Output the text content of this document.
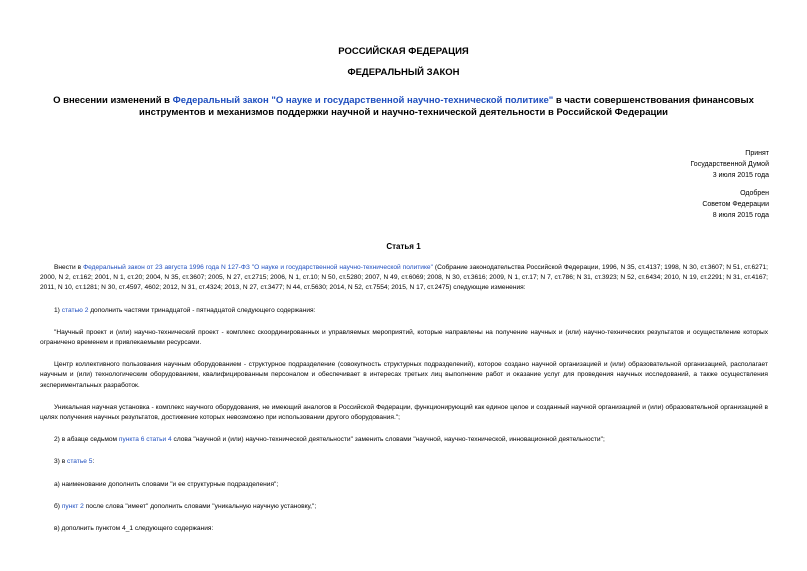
РОССИЙСКАЯ ФЕДЕРАЦИЯ
ФЕДЕРАЛЬНЫЙ ЗАКОН
О внесении изменений в Федеральный закон "О науке и государственной научно-технической политике" в части совершенствования финансовых инструментов и механизмов поддержки научной и научно-технической деятельности в Российской Федерации
Принят
Государственной Думой
3 июля 2015 года
Одобрен
Советом Федерации
8 июля 2015 года
Статья 1

Внести в Федеральный закон от 23 августа 1996 года N 127-ФЗ "О науке и государственной научно-технической политике" (Собрание законодательства Российской Федерации, 1996, N 35, ст.4137; 1998, N 30, ст.3607; N 51, ст.6271; 2000, N 2, ст.162; 2001, N 1, ст.20; 2004, N 35, ст.3607; 2005, N 27, ст.2715; 2006, N 1, ст.10; N 50, ст.5280; 2007, N 49, ст.6069; 2008, N 30, ст.3616; 2009, N 1, ст.17; N 7, ст.786; N 31, ст.3923; N 52, ст.6434; 2010, N 19, ст.2291; N 31, ст.4167; 2011, N 10, ст.1281; N 30, ст.4597, 4602; 2012, N 31, ст.4324; 2013, N 27, ст.3477; N 44, ст.5630; 2014, N 52, ст.7554; 2015, N 17, ст.2475) следующие изменения:

1) статью 2 дополнить частями тринадцатой - пятнадцатой следующего содержания:

"Научный проект и (или) научно-технический проект - комплекс скоординированных и управляемых мероприятий, которые направлены на получение научных и (или) научно-технических результатов и осуществление которых ограничено временем и привлекаемыми ресурсами.

Центр коллективного пользования научным оборудованием - структурное подразделение (совокупность структурных подразделений), которое создано научной организацией и (или) образовательной организацией, располагает научным и (или) технологическим оборудованием, квалифицированным персоналом и обеспечивает в интересах третьих лиц выполнение работ и оказание услуг для проведения научных исследований, а также осуществления экспериментальных разработок.

Уникальная научная установка - комплекс научного оборудования, не имеющий аналогов в Российской Федерации, функционирующий как единое целое и созданный научной организацией и (или) образовательной организацией в целях получения научных результатов, достижение которых невозможно при использовании другого оборудования.";

2) в абзаце седьмом пункта 6 статьи 4 слова "научной и (или) научно-технической деятельности" заменить словами "научной, научно-технической, инновационной деятельности";

3) в статье 5:

а) наименование дополнить словами "и ее структурные подразделения";

б) пункт 2 после слова "имеет" дополнить словами "уникальную научную установку,";

в) дополнить пунктом 4_1 следующего содержания:
